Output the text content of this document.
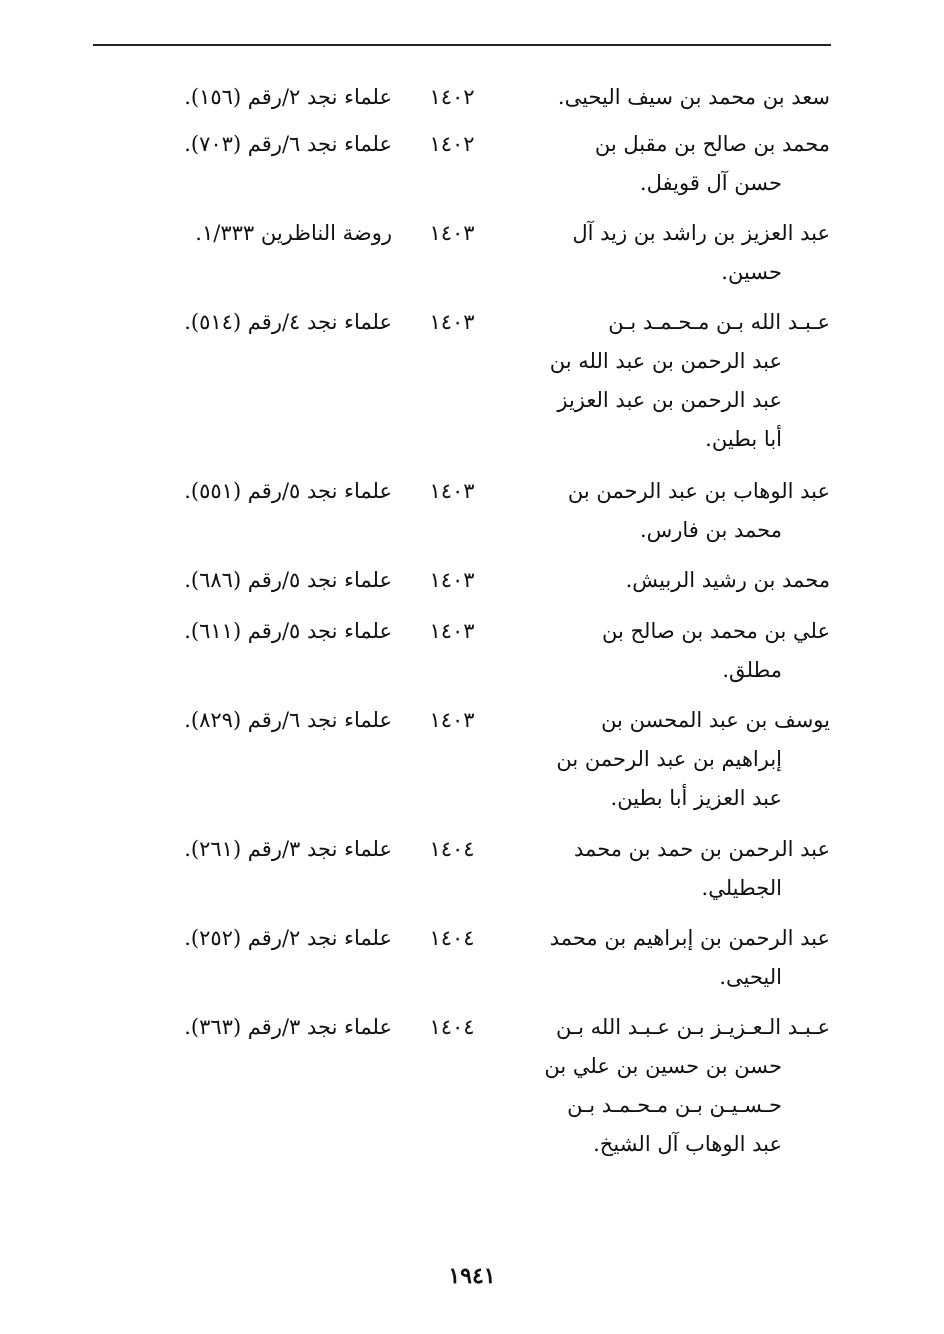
سعد بن محمد بن سيف اليحيى.
١٤٠٢
علماء نجد ٢/رقم (١٥٦).
محمد بن صالح بن مقبل بن
حسن آل قويفل.
١٤٠٢
علماء نجد ٦/رقم (٧٠٣).
عبد العزيز بن راشد بن زيد آل
حسين.
١٤٠٣
روضة الناظرين ١/٣٣٣.
عـبـد الله بـن مـحـمـد بـن
عبد الرحمن بن عبد الله بن
عبد الرحمن بن عبد العزيز
أبا بطين.
١٤٠٣
علماء نجد ٤/رقم (٥١٤).
عبد الوهاب بن عبد الرحمن بن
محمد بن فارس.
١٤٠٣
علماء نجد ٥/رقم (٥٥١).
محمد بن رشيد الربيش.
١٤٠٣
علماء نجد ٥/رقم (٦٨٦).
علي بن محمد بن صالح بن
مطلق.
١٤٠٣
علماء نجد ٥/رقم (٦١١).
يوسف بن عبد المحسن بن
إبراهيم بن عبد الرحمن بن
عبد العزيز أبا بطين.
١٤٠٣
علماء نجد ٦/رقم (٨٢٩).
عبد الرحمن بن حمد بن محمد
الجطيلي.
١٤٠٤
علماء نجد ٣/رقم (٢٦١).
عبد الرحمن بن إبراهيم بن محمد
اليحيى.
١٤٠٤
علماء نجد ٢/رقم (٢٥٢).
عـبـد الـعـزيـز بـن عـبـد الله بـن
حسن بن حسين بن علي بن
حـسـيـن بـن مـحـمـد بـن
عبد الوهاب آل الشيخ.
١٤٠٤
علماء نجد ٣/رقم (٣٦٣).
١٩٤١
